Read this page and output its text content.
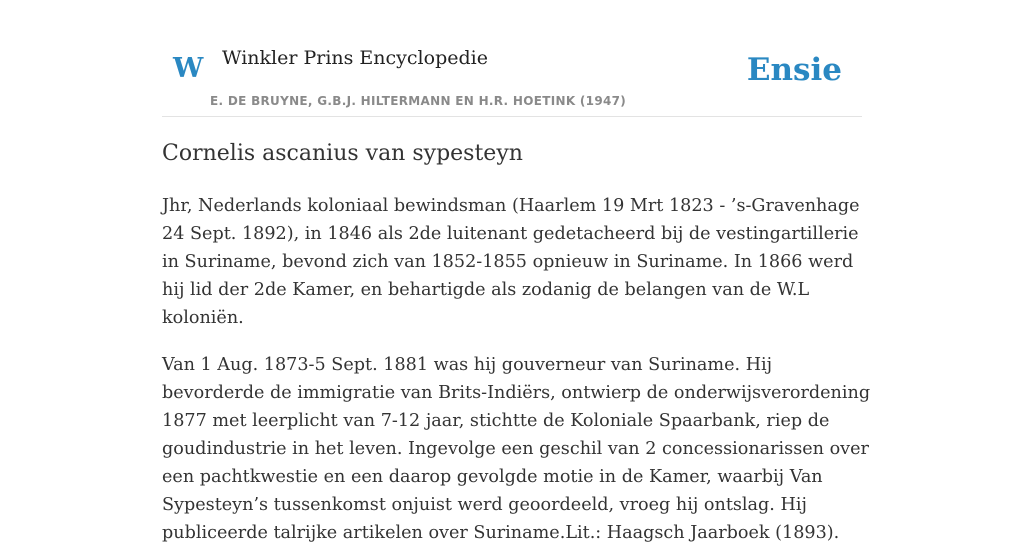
W Winkler Prins Encyclopedie
E. DE BRUYNE, G.B.J. HILTERMANN EN H.R. HOETINK (1947)
Ensie
Cornelis ascanius van sypesteyn

Jhr, Nederlands koloniaal bewindsman (Haarlem 19 Mrt 1823 - ’s-Gravenhage 24 Sept. 1892), in 1846 als 2de luitenant gedetacheerd bij de vestingartillerie in Suriname, bevond zich van 1852-1855 opnieuw in Suriname. In 1866 werd hij lid der 2de Kamer, en behartigde als zodanig de belangen van de W.L koloniën.

Van 1 Aug. 1873-5 Sept. 1881 was hij gouverneur van Suriname. Hij bevorderde de immigratie van Brits-Indiërs, ontwierp de onderwijsverordening 1877 met leerplicht van 7-12 jaar, stichtte de Koloniale Spaarbank, riep de goudindustrie in het leven. Ingevolge een geschil van 2 concessionarissen over een pachtkwestie en een daarop gevolgde motie in de Kamer, waarbij Van Sypesteyn’s tussenkomst onjuist werd geoordeeld, vroeg hij ontslag. Hij publiceerde talrijke artikelen over Suriname.Lit.: Haagsch Jaarboek (1893).
